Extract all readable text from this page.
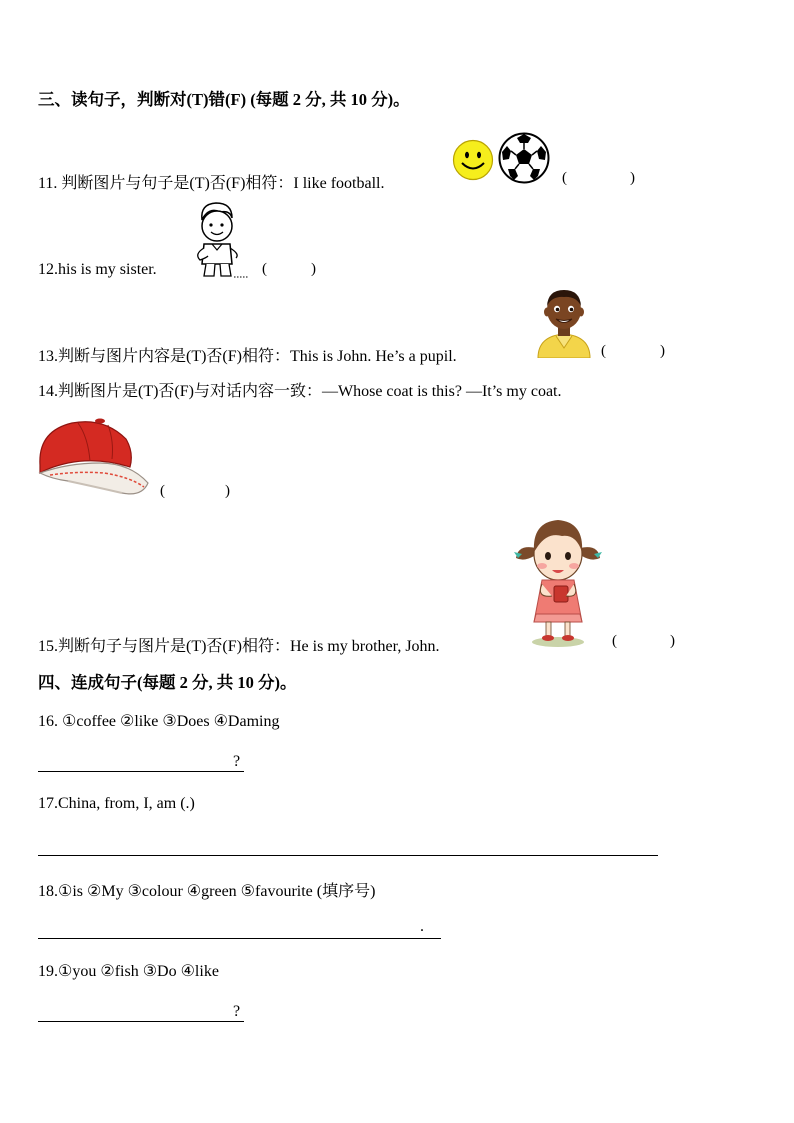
三、读句子，判断对(T)错(F) (每题 2 分, 共 10 分)。
11. 判断图片与句子是(T)否(F)相符：I like football.	(	)
12.his is my sister.	(	)
13.判断与图片内容是(T)否(F)相符：This is John. He’s a pupil.	(	)
14.判断图片是(T)否(F)与对话内容一致：—Whose coat is this? —It’s my coat.
(	)
15.判断句子与图片是(T)否(F)相符：He is my brother, John.	(	)
四、连成句子(每题 2 分, 共 10 分)。
16. ①coffee ②like ③Does ④Daming
?
17.China, from, I, am (.)
18.①is ②My ③colour ④green ⑤favourite (填序号)
.
19.①you ②fish ③Do ④like
?
